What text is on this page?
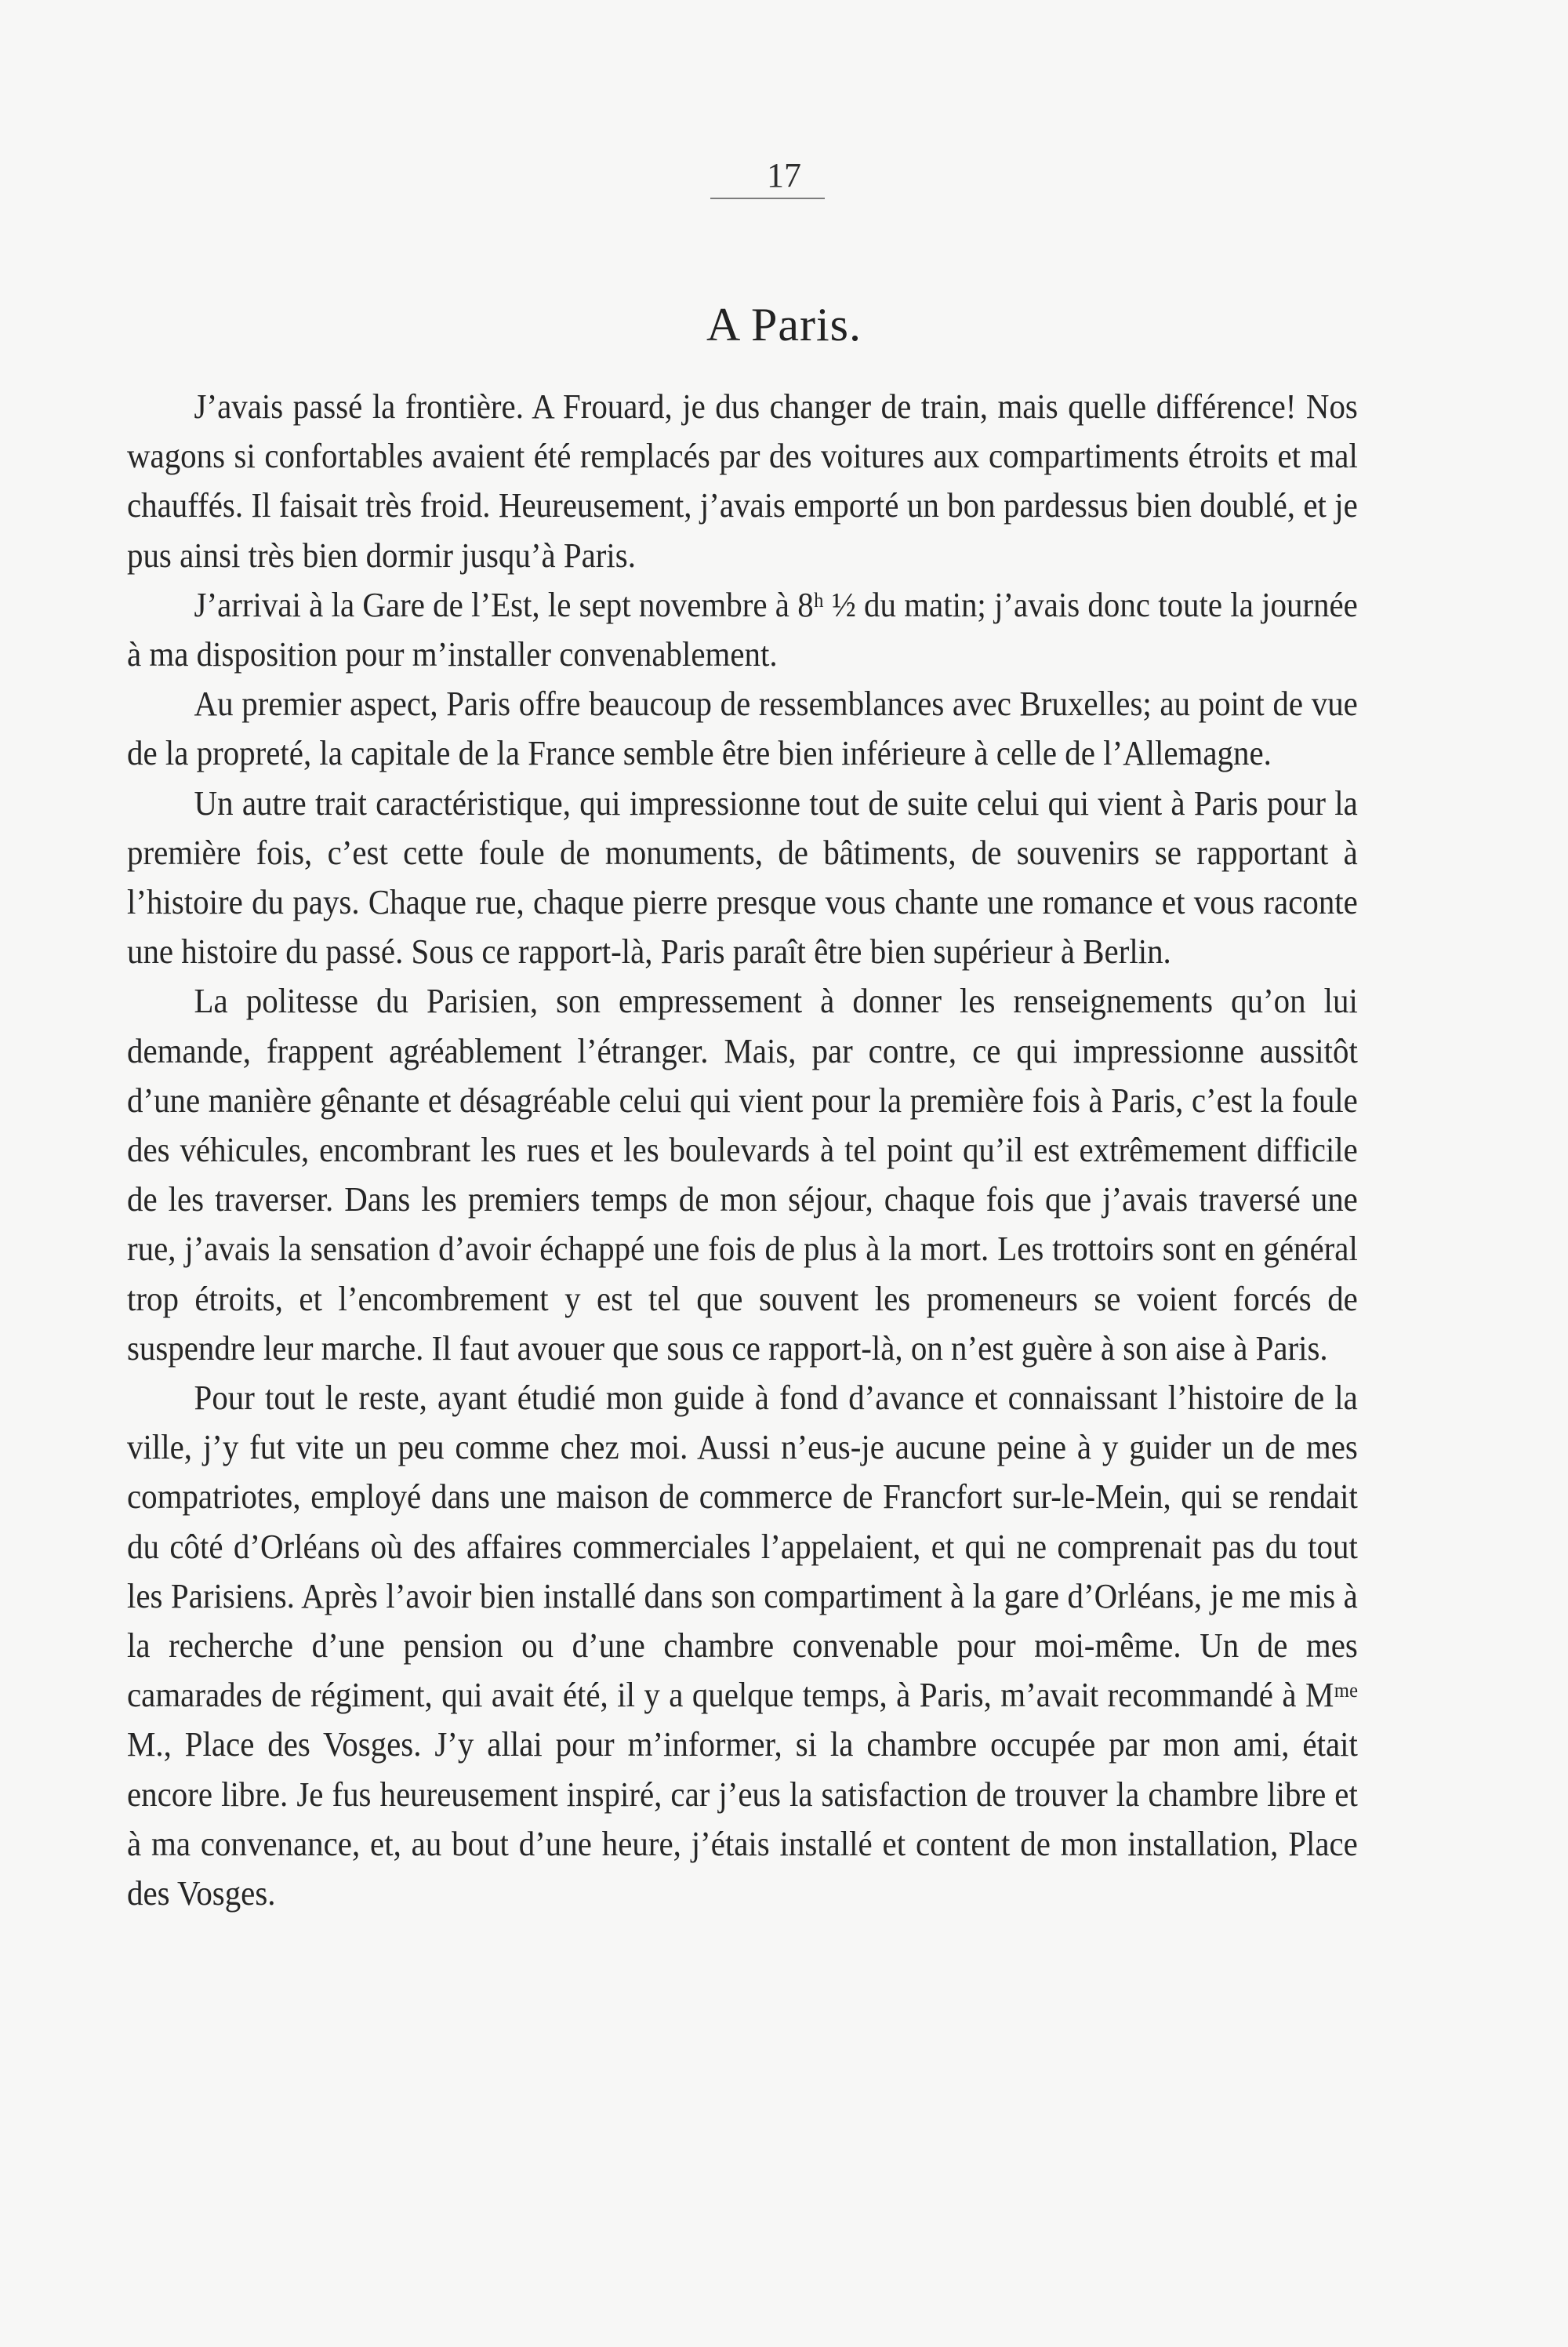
17
A Paris.

J’avais passé la frontière. A Frouard, je dus changer de train, mais quelle différence! Nos wagons si confortables avaient été remplacés par des voitures aux compartiments étroits et mal chauffés. Il faisait très froid. Heureusement, j’avais emporté un bon pardessus bien doublé, et je pus ainsi très bien dormir jusqu’à Paris.

J’arrivai à la Gare de l’Est, le sept novembre à 8ʰ ½ du matin; j’avais donc toute la journée à ma disposition pour m’installer convenablement.

Au premier aspect, Paris offre beaucoup de ressemblances avec Bruxelles; au point de vue de la propreté, la capitale de la France semble être bien inférieure à celle de l’Allemagne.

Un autre trait caractéristique, qui impressionne tout de suite celui qui vient à Paris pour la première fois, c’est cette foule de monuments, de bâtiments, de souvenirs se rapportant à l’histoire du pays. Chaque rue, chaque pierre presque vous chante une romance et vous raconte une histoire du passé. Sous ce rapport-là, Paris paraît être bien supérieur à Berlin.

La politesse du Parisien, son empressement à donner les renseignements qu’on lui demande, frappent agréablement l’étranger. Mais, par contre, ce qui impressionne aussitôt d’une manière gênante et désagréable celui qui vient pour la première fois à Paris, c’est la foule des véhicules, encombrant les rues et les boulevards à tel point qu’il est extrêmement difficile de les traverser. Dans les premiers temps de mon séjour, chaque fois que j’avais traversé une rue, j’avais la sensation d’avoir échappé une fois de plus à la mort. Les trottoirs sont en général trop étroits, et l’encombrement y est tel que souvent les promeneurs se voient forcés de suspendre leur marche. Il faut avouer que sous ce rapport-là, on n’est guère à son aise à Paris.

Pour tout le reste, ayant étudié mon guide à fond d’avance et connaissant l’histoire de la ville, j’y fut vite un peu comme chez moi. Aussi n’eus-je aucune peine à y guider un de mes compatriotes, employé dans une maison de commerce de Francfort sur-le-Mein, qui se rendait du côté d’Orléans où des affaires commerciales l’appelaient, et qui ne comprenait pas du tout les Parisiens. Après l’avoir bien installé dans son compartiment à la gare d’Orléans, je me mis à la recherche d’une pension ou d’une chambre convenable pour moi-même. Un de mes camarades de régiment, qui avait été, il y a quelque temps, à Paris, m’avait recommandé à Mᵐᵉ M., Place des Vosges. J’y allai pour m’informer, si la chambre occupée par mon ami, était encore libre. Je fus heureusement inspiré, car j’eus la satisfaction de trouver la chambre libre et à ma convenance, et, au bout d’une heure, j’étais installé et content de mon installation, Place des Vosges.
